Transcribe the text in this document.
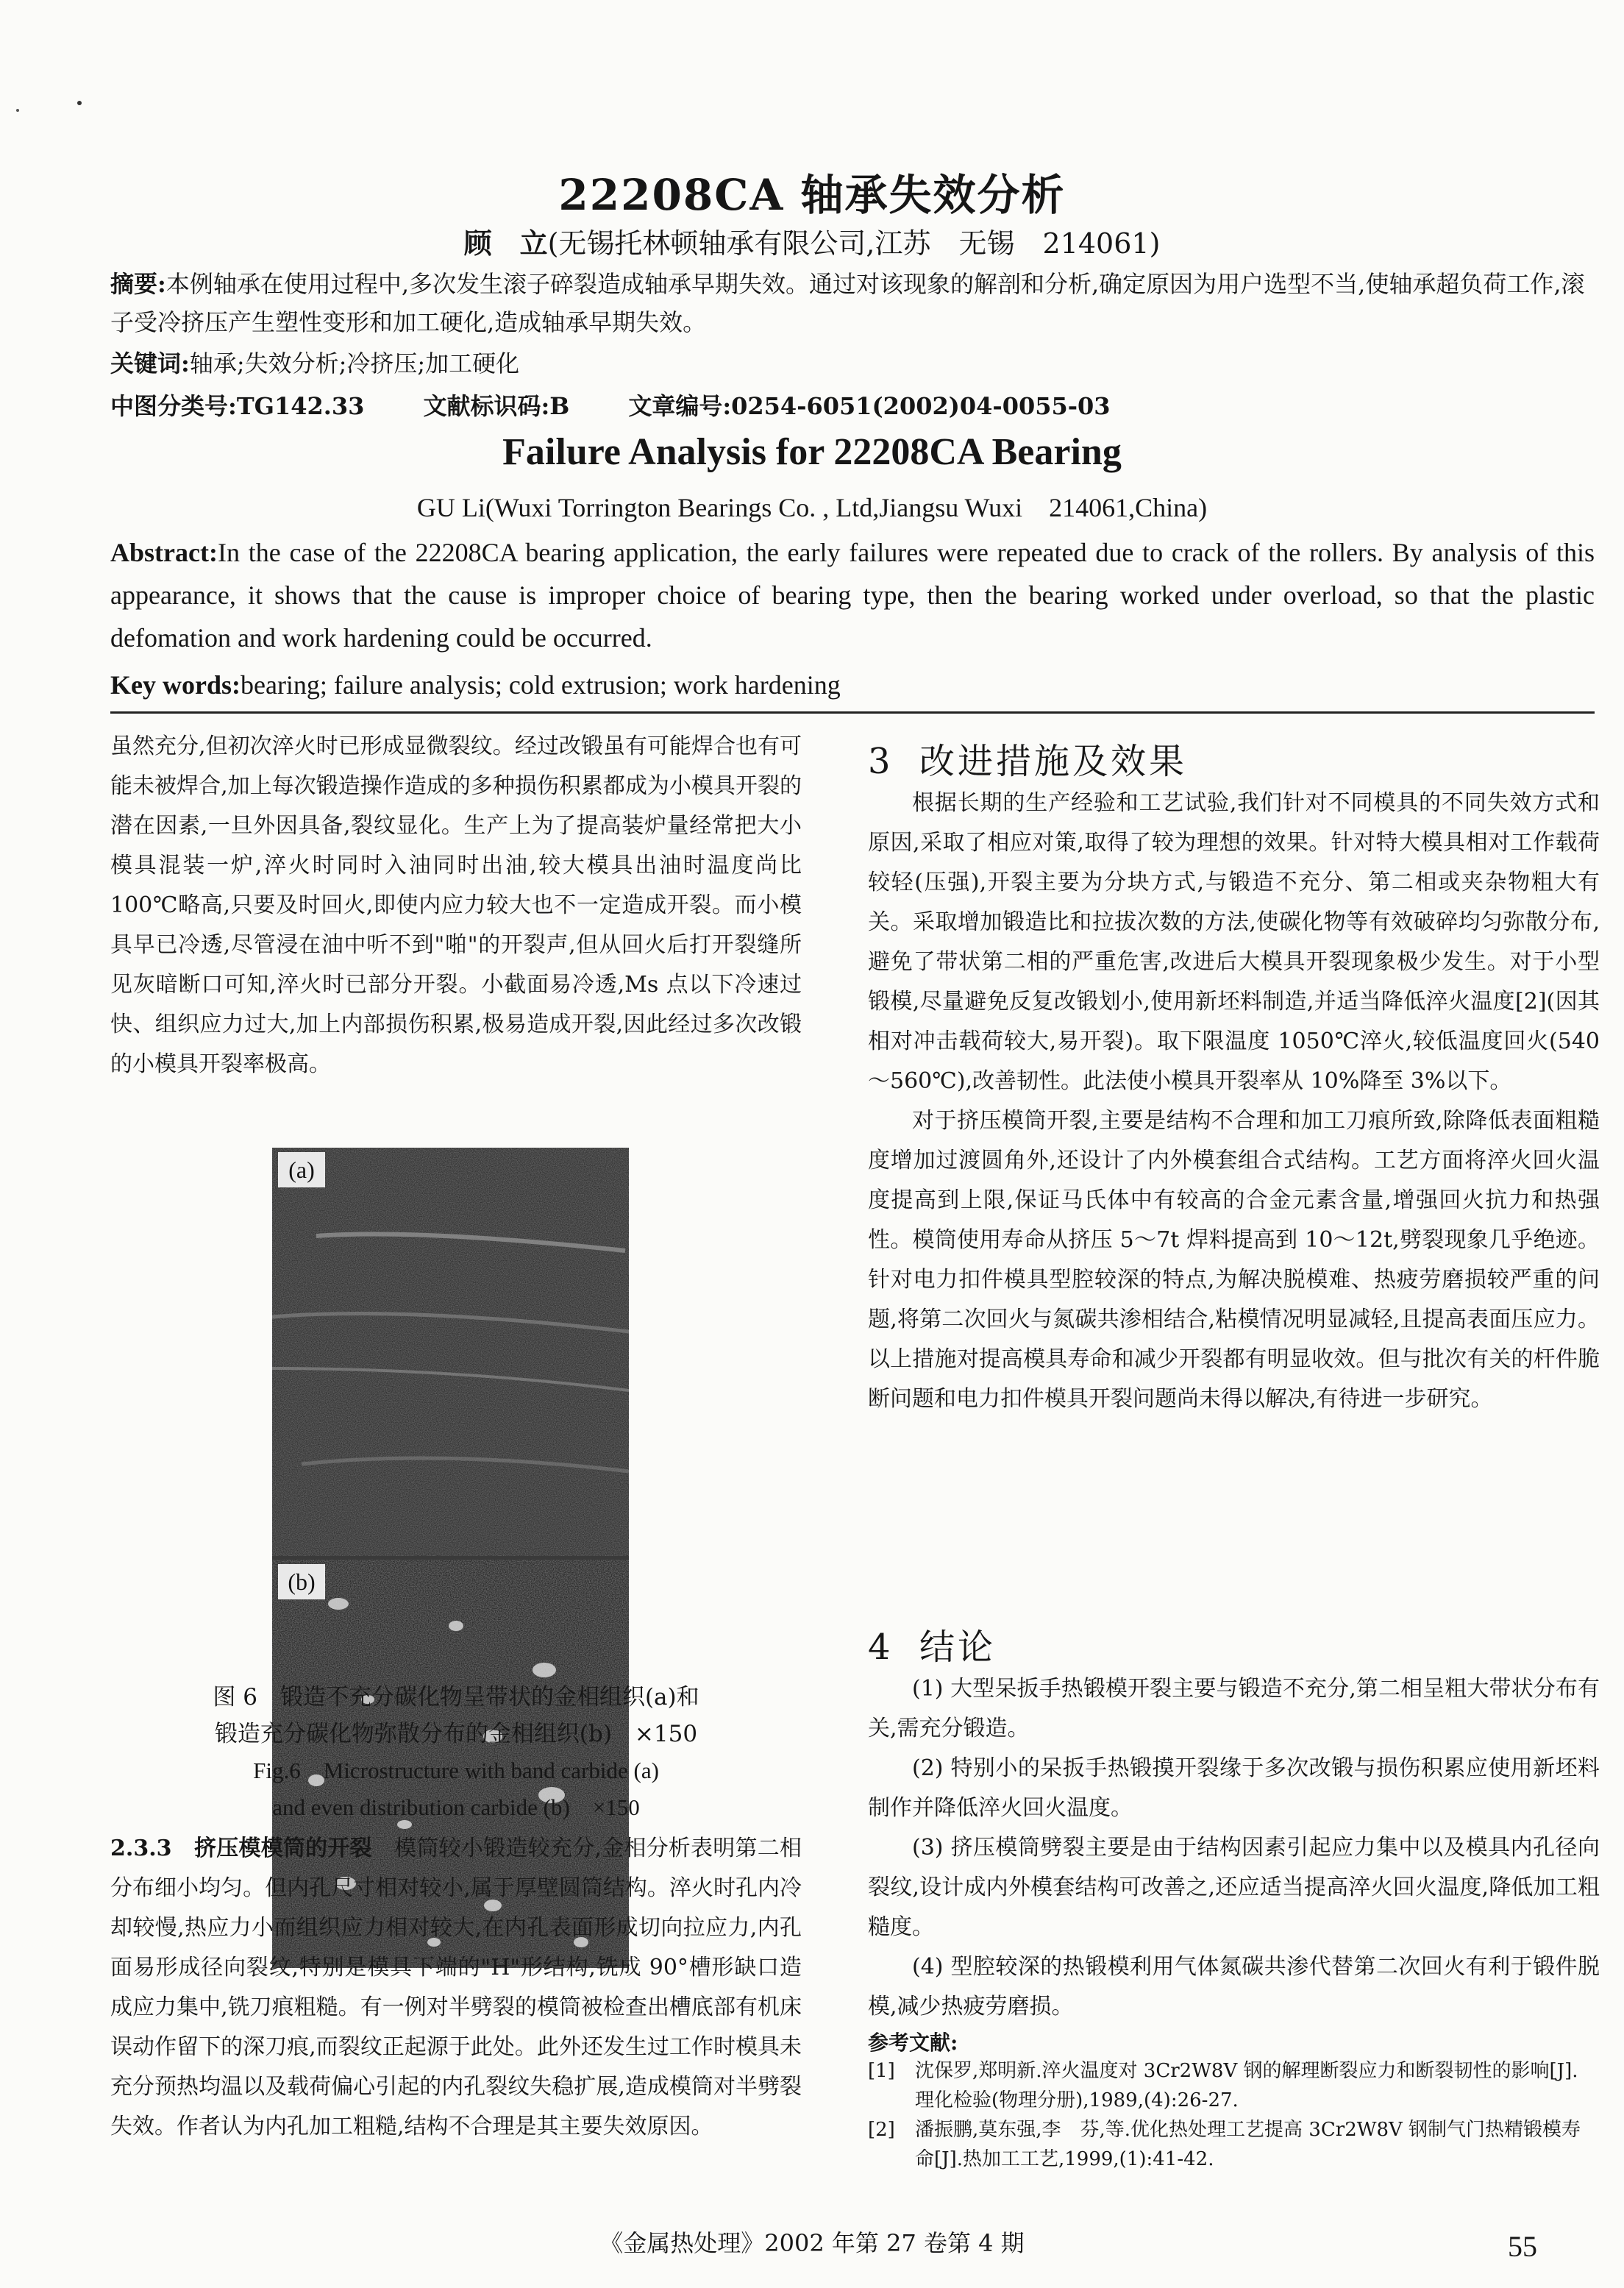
22208CA 轴承失效分析
顾　立(无锡托林顿轴承有限公司,江苏　无锡　214061)
摘要:本例轴承在使用过程中,多次发生滚子碎裂造成轴承早期失效。通过对该现象的解剖和分析,确定原因为用户选型不当,使轴承超负荷工作,滚子受冷挤压产生塑性变形和加工硬化,造成轴承早期失效。
关键词:轴承;失效分析;冷挤压;加工硬化
中图分类号:TG142.33	文献标识码:B	文章编号:0254-6051(2002)04-0055-03
Failure Analysis for 22208CA Bearing
GU Li(Wuxi Torrington Bearings Co. , Ltd,Jiangsu Wuxi　214061,China)
Abstract:In the case of the 22208CA bearing application, the early failures were repeated due to crack of the rollers. By analysis of this appearance, it shows that the cause is improper choice of bearing type, then the bearing worked under overload, so that the plastic defomation and work hardening could be occurred.
Key words:bearing; failure analysis; cold extrusion; work hardening

虽然充分,但初次淬火时已形成显微裂纹。经过改锻虽有可能焊合也有可能未被焊合,加上每次锻造操作造成的多种损伤积累都成为小模具开裂的潜在因素,一旦外因具备,裂纹显化。生产上为了提高装炉量经常把大小模具混装一炉,淬火时同时入油同时出油,较大模具出油时温度尚比 100℃略高,只要及时回火,即使内应力较大也不一定造成开裂。而小模具早已冷透,尽管浸在油中听不到"啪"的开裂声,但从回火后打开裂缝所见灰暗断口可知,淬火时已部分开裂。小截面易冷透,Ms 点以下冷速过快、组织应力过大,加上内部损伤积累,极易造成开裂,因此经过多次改锻的小模具开裂率极高。

(a)
(b)
图 6　锻造不充分碳化物呈带状的金相组织(a)和
锻造充分碳化物弥散分布的金相组织(b)　×150
Fig.6　Microstructure with band carbide (a)
and even distribution carbide (b)　×150

2.3.3　挤压模模筒的开裂　 模筒较小锻造较充分,金相分析表明第二相分布细小均匀。但内孔尺寸相对较小,属于厚壁圆筒结构。淬火时孔内冷却较慢,热应力小而组织应力相对较大,在内孔表面形成切向拉应力,内孔面易形成径向裂纹,特别是模具下端的"H"形结构,铣成 90°槽形缺口造成应力集中,铣刀痕粗糙。有一例对半劈裂的模筒被检查出槽底部有机床误动作留下的深刀痕,而裂纹正起源于此处。此外还发生过工作时模具未充分预热均温以及载荷偏心引起的内孔裂纹失稳扩展,造成模筒对半劈裂失效。作者认为内孔加工粗糙,结构不合理是其主要失效原因。

3 改进措施及效果

根据长期的生产经验和工艺试验,我们针对不同模具的不同失效方式和原因,采取了相应对策,取得了较为理想的效果。针对特大模具相对工作载荷较轻(压强),开裂主要为分块方式,与锻造不充分、第二相或夹杂物粗大有关。采取增加锻造比和拉拔次数的方法,使碳化物等有效破碎均匀弥散分布,避免了带状第二相的严重危害,改进后大模具开裂现象极少发生。对于小型锻模,尽量避免反复改锻划小,使用新坯料制造,并适当降低淬火温度[2](因其相对冲击载荷较大,易开裂)。取下限温度 1050℃淬火,较低温度回火(540～560℃),改善韧性。此法使小模具开裂率从 10%降至 3%以下。

对于挤压模筒开裂,主要是结构不合理和加工刀痕所致,除降低表面粗糙度增加过渡圆角外,还设计了内外模套组合式结构。工艺方面将淬火回火温度提高到上限,保证马氏体中有较高的合金元素含量,增强回火抗力和热强性。模筒使用寿命从挤压 5～7t 焊料提高到 10～12t,劈裂现象几乎绝迹。针对电力扣件模具型腔较深的特点,为解决脱模难、热疲劳磨损较严重的问题,将第二次回火与氮碳共渗相结合,粘模情况明显减轻,且提高表面压应力。以上措施对提高模具寿命和减少开裂都有明显收效。但与批次有关的杆件脆断问题和电力扣件模具开裂问题尚未得以解决,有待进一步研究。

4 结论

(1) 大型呆扳手热锻模开裂主要与锻造不充分,第二相呈粗大带状分布有关,需充分锻造。

(2) 特别小的呆扳手热锻摸开裂缘于多次改锻与损伤积累应使用新坯料制作并降低淬火回火温度。

(3) 挤压模筒劈裂主要是由于结构因素引起应力集中以及模具内孔径向裂纹,设计成内外模套结构可改善之,还应适当提高淬火回火温度,降低加工粗糙度。

(4) 型腔较深的热锻模利用气体氮碳共渗代替第二次回火有利于锻件脱模,减少热疲劳磨损。

参考文献:
[1] 沈保罗,郑明新.淬火温度对 3Cr2W8V 钢的解理断裂应力和断裂韧性的影响[J].理化检验(物理分册),1989,(4):26-27.
[2] 潘振鹏,莫东强,李　芬,等.优化热处理工艺提高 3Cr2W8V 钢制气门热精锻模寿命[J].热加工工艺,1999,(1):41-42.
《金属热处理》2002 年第 27 卷第 4 期	55
